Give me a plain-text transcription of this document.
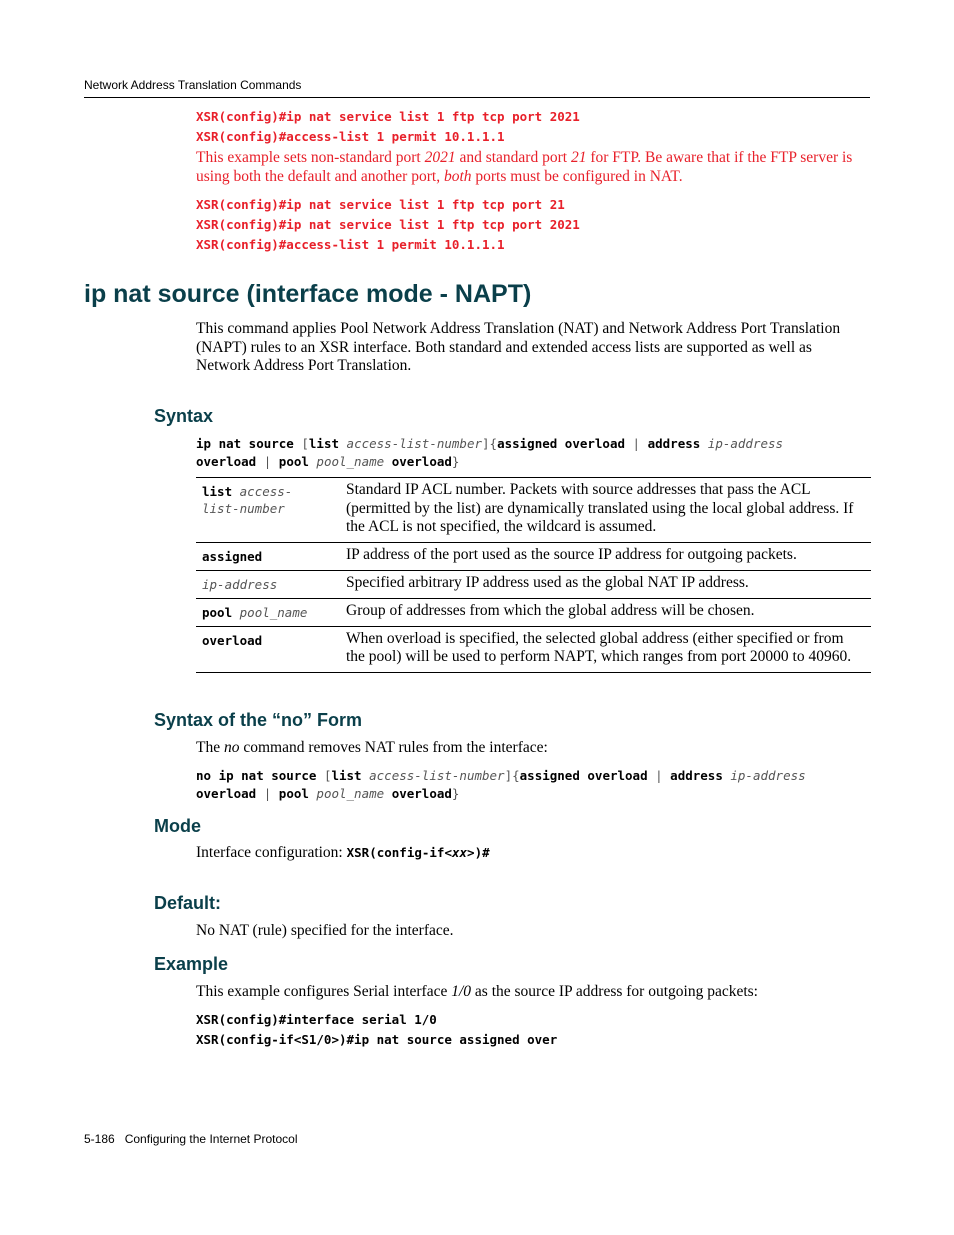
Network Address Translation Commands
XSR(config)#ip nat service list 1 ftp tcp port 2021
XSR(config)#access-list 1 permit 10.1.1.1
This example sets non-standard port 2021 and standard port 21 for FTP. Be aware that if the FTP server is using both the default and another port, both ports must be configured in NAT.
XSR(config)#ip nat service list 1 ftp tcp port 21
XSR(config)#ip nat service list 1 ftp tcp port 2021
XSR(config)#access-list 1 permit 10.1.1.1
ip nat source (interface mode - NAPT)
This command applies Pool Network Address Translation (NAT) and Network Address Port Translation (NAPT) rules to an XSR interface. Both standard and extended access lists are supported as well as Network Address Port Translation.
Syntax
ip nat source [list access-list-number]{assigned overload | address ip-address
overload | pool pool_name overload}
list access-
list-number	Standard IP ACL number. Packets with source addresses that pass the ACL (permitted by the list) are dynamically translated using the local global address. If the ACL is not specified, the wildcard is assumed.
assigned	IP address of the port used as the source IP address for outgoing packets.
ip-address	Specified arbitrary IP address used as the global NAT IP address.
pool pool_name	Group of addresses from which the global address will be chosen.
overload	When overload is specified, the selected global address (either specified or from the pool) will be used to perform NAPT, which ranges from port 20000 to 40960.
Syntax of the “no” Form
The no command removes NAT rules from the interface:
no ip nat source [list access-list-number]{assigned overload | address ip-address
overload | pool pool_name overload}
Mode
Interface configuration: XSR(config-if<xx>)#
Default:
No NAT (rule) specified for the interface.
Example
This example configures Serial interface 1/0 as the source IP address for outgoing packets:
XSR(config)#interface serial 1/0
XSR(config-if<S1/0>)#ip nat source assigned over
5-186 Configuring the Internet Protocol
